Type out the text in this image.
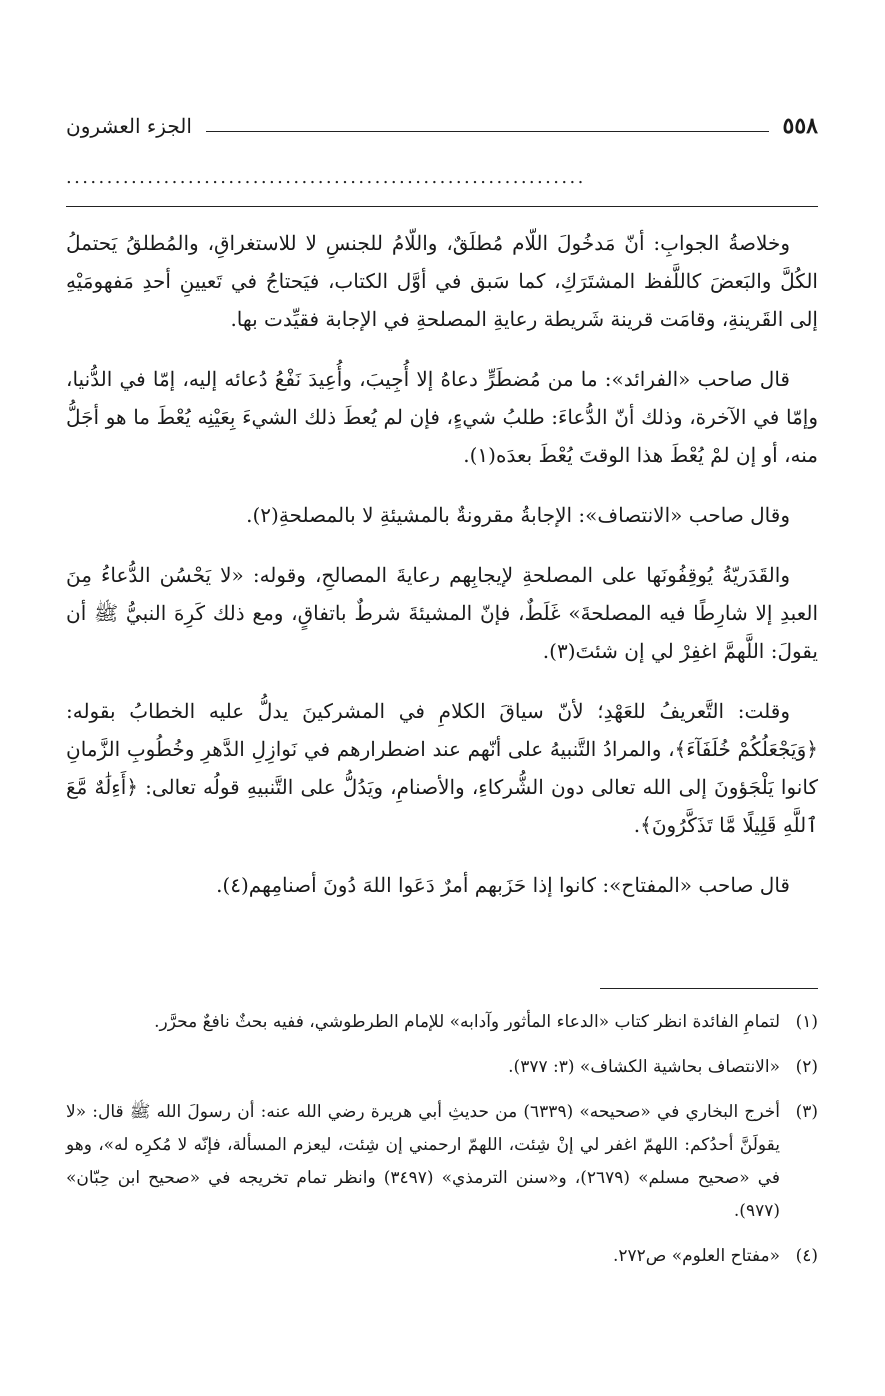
٥٥٨
الجزء العشرون
................................................................

وخلاصةُ الجوابِ: أنّ مَدخُولَ اللّام مُطلَقٌ، واللّامُ للجنسِ لا للاستغراقِ، والمُطلقُ يَحتملُ الكُلَّ والبَعضَ كاللَّفظ المشتَرَكِ، كما سَبق في أوَّل الكتاب، فيَحتاجُ في تَعيينِ أحدِ مَفهومَيْهِ إلى القَرينةِ، وقامَت قرينة شَريطة رعايةِ المصلحةِ في الإجابة فقيِّدت بها.

قال صاحب «الفرائد»: ما من مُضطَرٍّ دعاهُ إلا أُجِيبَ، وأُعِيدَ نَفْعُ دُعائه إليه، إمّا في الدُّنيا، وإمّا في الآخرة، وذلك أنّ الدُّعاءَ: طلبُ شيءٍ، فإن لم يُعطَ ذلك الشيءَ بِعَيْنِه يُعْطَ ما هو أجَلُّ منه، أو إن لمْ يُعْطَ هذا الوقتَ يُعْطَ بعدَه(١).

وقال صاحب «الانتصاف»: الإجابةُ مقرونةٌ بالمشيئةِ لا بالمصلحةِ(٢).

والقَدَريّةُ يُوقِفُونَها على المصلحةِ لإيجابِهم رعايةَ المصالحِ، وقوله: «لا يَحْسُن الدُّعاءُ مِنَ العبدِ إلا شارِطًا فيه المصلحةَ» غَلَطٌ، فإنّ المشيئةَ شرطٌ باتفاقٍ، ومع ذلك كَرِهَ النبيُّ ﷺ أن يقولَ: اللَّهمَّ اغفِرْ لي إن شئتَ(٣).

وقلت: التَّعريفُ للعَهْدِ؛ لأنّ سياقَ الكلامِ في المشركينَ يدلُّ عليه الخطابُ بقوله: ﴿وَيَجْعَلُكُمْ خُلَفَآءَ﴾، والمرادُ التَّنبيهُ على أنّهم عند اضطرارهم في نَوازِلِ الدَّهرِ وخُطُوبِ الزَّمانِ كانوا يَلْجَؤونَ إلى الله تعالى دون الشُّركاءِ، والأصنامِ، ويَدُلُّ على التَّنبيهِ قولُه تعالى: ﴿أَءِلَٰهٌ مَّعَ ٱللَّهِ قَلِيلًا مَّا تَذَكَّرُونَ﴾.

قال صاحب «المفتاح»: كانوا إذا حَزَبهم أمرٌ دَعَوا اللهَ دُونَ أصنامِهم(٤).

(١)
لتمامِ الفائدة انظر كتاب «الدعاء المأثور وآدابه» للإمام الطرطوشي، ففيه بحثٌ نافعٌ محرَّر.
(٢)
«الانتصاف بحاشية الكشاف» (٣: ٣٧٧).
(٣)
أخرج البخاري في «صحيحه» (٦٣٣٩) من حديثِ أبي هريرة رضي الله عنه: أن رسولَ الله ﷺ قال: «لا يقولَنَّ أحدُكم: اللهمّ اغفر لي إنْ شِئت، اللهمّ ارحمني إن شِئت، ليعزم المسألة، فإنّه لا مُكرِه له»، وهو في «صحيح مسلم» (٢٦٧٩)، و«سنن الترمذي» (٣٤٩٧) وانظر تمام تخريجه في «صحيح ابن حِبّان» (٩٧٧).
(٤)
«مفتاح العلوم» ص٢٧٢.
